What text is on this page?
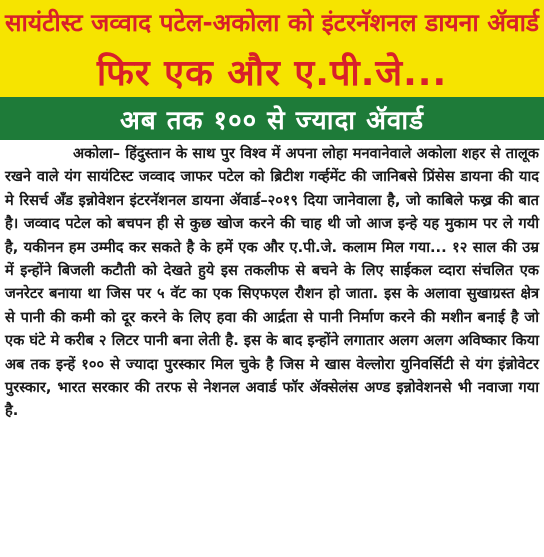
सायंटीस्ट जव्वाद पटेल-अकोला को इंटरनॅशनल डायना ॲवार्ड
फिर एक और ए.पी.जे...
अब तक १०० से ज्यादा ॲवार्ड

अकोला– हिंदुस्तान के साथ पुर विश्व में अपना लोहा मनवानेवाले अकोला शहर से तालूक रखने वाले यंग सायंटिस्ट जव्वाद जाफर पटेल को ब्रिटीश गर्व्हमेंट की जानिबसे प्रिंसेस डायना की याद मे रिसर्च अँड इन्नोवेशन इंटरनॅशनल डायना ॲवार्ड–२०१९ दिया जानेवाला है, जो काबिले फख्र की बात है। जव्वाद पटेल को बचपन ही से कुछ खोज करने की चाह थी जो आज इन्हे यह मुकाम पर ले गयी है, यकीनन हम उम्मीद कर सकते है के हमें एक और ए.पी.जे. कलाम मिल गया... १२ साल की उम्र में इन्होंने बिजली कटौती को देखते हुये इस तकलीफ से बचने के लिए साईकल व्दारा संचलित एक जनरेटर बनाया था जिस पर ५ वॅट का एक सिएफएल रौशन हो जाता. इस के अलावा सुखाग्रस्त क्षेत्र से पानी की कमी को दूर करने के लिए हवा की आर्द्रता से पानी निर्माण करने की मशीन बनाई है जो एक घंटे मे करीब २ लिटर पानी बना लेती है. इस के बाद इन्होंने लगातार अलग अलग अविष्कार किया अब तक इन्हें १०० से ज्यादा पुरस्कार मिल चुके है जिस मे खास वेल्लोरा युनिवर्सिटी से यंग इंन्नोवेटर पुरस्कार, भारत सरकार की तरफ से नेशनल अवार्ड फॉर ॲक्सेलंस अण्ड इन्नोवेशनसे भी नवाजा गया है.
